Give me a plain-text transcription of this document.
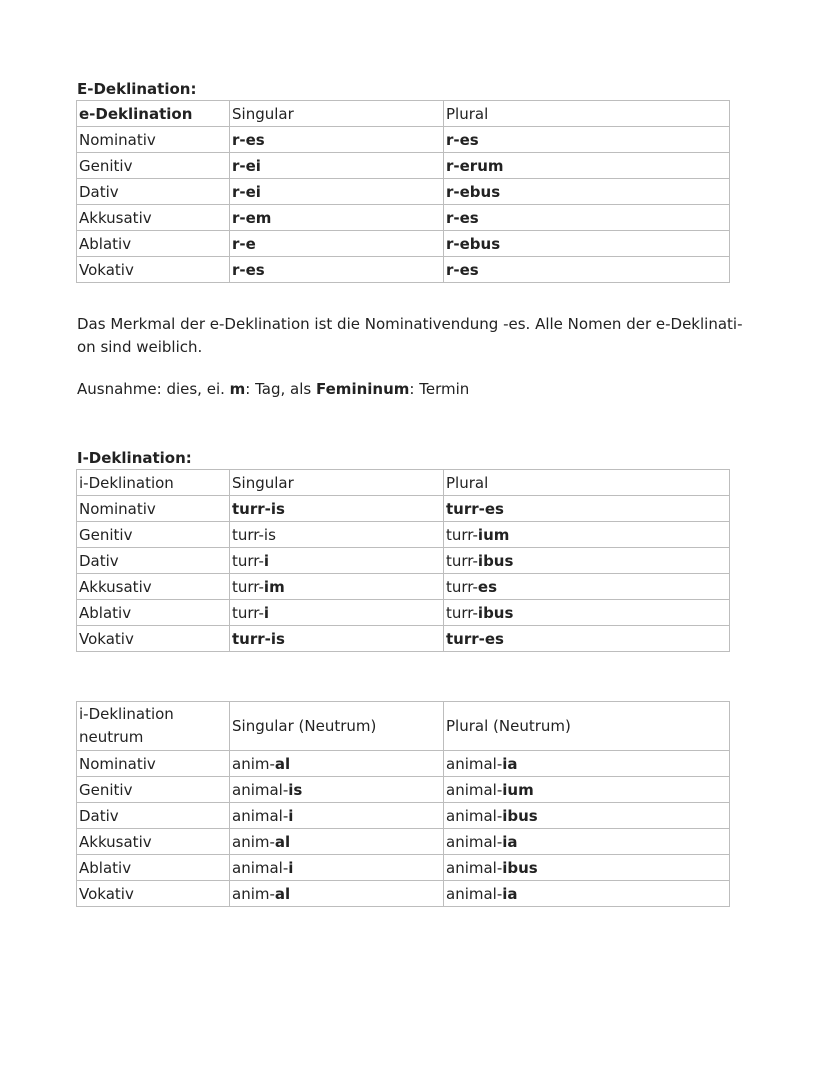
E-Deklination:
e-Deklination	Singular	Plural
Nominativ	r-es	r-es
Genitiv	r-ei	r-erum
Dativ	r-ei	r-ebus
Akkusativ	r-em	r-es
Ablativ	r-e	r-ebus
Vokativ	r-es	r-es
Das Merkmal der e-Deklination ist die Nominativendung -es. Alle Nomen der e-Deklinati- on sind weiblich.
Ausnahme: dies, ei. m: Tag, als Femininum: Termin
I-Deklination:
i-Deklination	Singular	Plural
Nominativ	turr-is	turr-es
Genitiv	turr-is	turr-ium
Dativ	turr-i	turr-ibus
Akkusativ	turr-im	turr-es
Ablativ	turr-i	turr-ibus
Vokativ	turr-is	turr-es
i-Deklination neutrum	Singular (Neutrum)	Plural (Neutrum)
Nominativ	anim-al	animal-ia
Genitiv	animal-is	animal-ium
Dativ	animal-i	animal-ibus
Akkusativ	anim-al	animal-ia
Ablativ	animal-i	animal-ibus
Vokativ	anim-al	animal-ia
